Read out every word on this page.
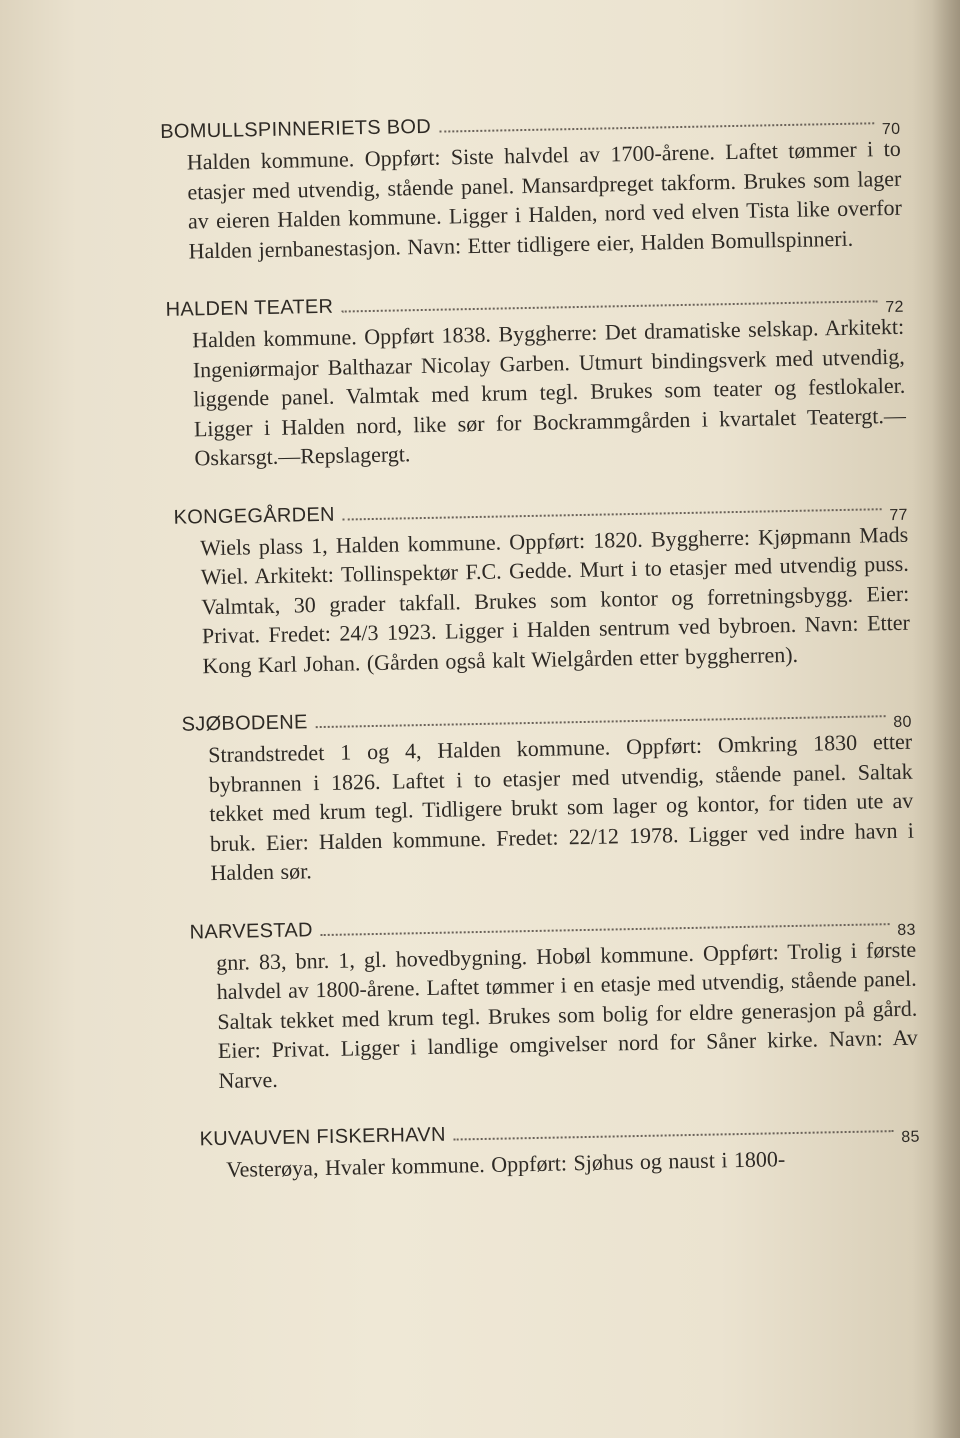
BOMULLSPINNERIETS BOD	70
Halden kommune. Oppført: Siste halvdel av 1700-årene. Laftet tømmer i to etasjer med utvendig, stående panel. Mansardpreget takform. Brukes som lager av eieren Halden kommune. Ligger i Halden, nord ved elven Tista like overfor Halden jernbanestasjon. Navn: Etter tidligere eier, Halden Bomullspinneri.
HALDEN TEATER	72
Halden kommune. Oppført 1838. Byggherre: Det dramatiske selskap. Arkitekt: Ingeniørmajor Balthazar Nicolay Garben. Utmurt bindingsverk med utvendig, liggende panel. Valmtak med krum tegl. Brukes som teater og festlokaler. Ligger i Halden nord, like sør for Bockrammgården i kvartalet Teatergt.—Oskarsgt.—Repslagergt.
KONGEGÅRDEN	77
Wiels plass 1, Halden kommune. Oppført: 1820. Byggherre: Kjøpmann Mads Wiel. Arkitekt: Tollinspektør F.C. Gedde. Murt i to etasjer med utvendig puss. Valmtak, 30 grader takfall. Brukes som kontor og forretningsbygg. Eier: Privat. Fredet: 24/3 1923. Ligger i Halden sentrum ved bybroen. Navn: Etter Kong Karl Johan. (Gården også kalt Wielgården etter byggherren).
SJØBODENE	80
Strandstredet 1 og 4, Halden kommune. Oppført: Omkring 1830 etter bybrannen i 1826. Laftet i to etasjer med utvendig, stående panel. Saltak tekket med krum tegl. Tidligere brukt som lager og kontor, for tiden ute av bruk. Eier: Halden kommune. Fredet: 22/12 1978. Ligger ved indre havn i Halden sør.
NARVESTAD	83
gnr. 83, bnr. 1, gl. hovedbygning. Hobøl kommune. Oppført: Trolig i første halvdel av 1800-årene. Laftet tømmer i en etasje med utvendig, stående panel. Saltak tekket med krum tegl. Brukes som bolig for eldre generasjon på gård. Eier: Privat. Ligger i landlige omgivelser nord for Såner kirke. Navn: Av Narve.
KUVAUVEN FISKERHAVN	85
Vesterøya, Hvaler kommune. Oppført: Sjøhus og naust i 1800-
